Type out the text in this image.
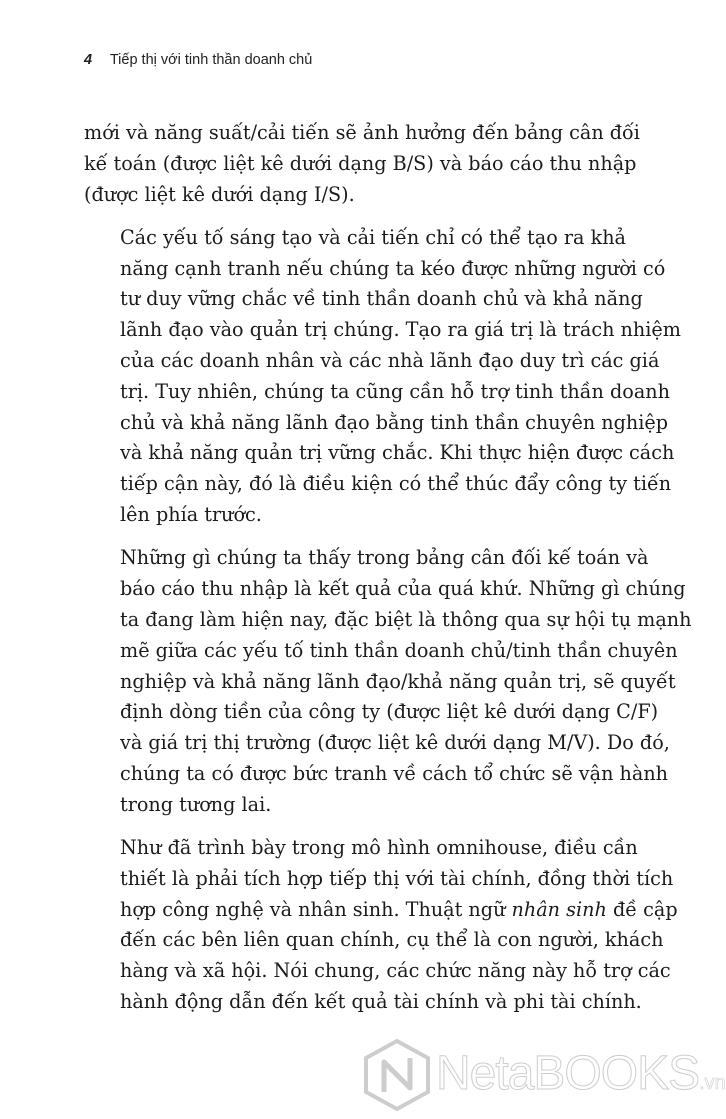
4 Tiếp thị với tinh thần doanh chủ

mới và năng suất/cải tiến sẽ ảnh hưởng đến bảng cân đối
kế toán (được liệt kê dưới dạng B/S) và báo cáo thu nhập
(được liệt kê dưới dạng I/S).

Các yếu tố sáng tạo và cải tiến chỉ có thể tạo ra khả
năng cạnh tranh nếu chúng ta kéo được những người có
tư duy vững chắc về tinh thần doanh chủ và khả năng
lãnh đạo vào quản trị chúng. Tạo ra giá trị là trách nhiệm
của các doanh nhân và các nhà lãnh đạo duy trì các giá
trị. Tuy nhiên, chúng ta cũng cần hỗ trợ tinh thần doanh
chủ và khả năng lãnh đạo bằng tinh thần chuyên nghiệp
và khả năng quản trị vững chắc. Khi thực hiện được cách
tiếp cận này, đó là điều kiện có thể thúc đẩy công ty tiến
lên phía trước.

Những gì chúng ta thấy trong bảng cân đối kế toán và
báo cáo thu nhập là kết quả của quá khứ. Những gì chúng
ta đang làm hiện nay, đặc biệt là thông qua sự hội tụ mạnh
mẽ giữa các yếu tố tinh thần doanh chủ/tinh thần chuyên
nghiệp và khả năng lãnh đạo/khả năng quản trị, sẽ quyết
định dòng tiền của công ty (được liệt kê dưới dạng C/F)
và giá trị thị trường (được liệt kê dưới dạng M/V). Do đó,
chúng ta có được bức tranh về cách tổ chức sẽ vận hành
trong tương lai.

Như đã trình bày trong mô hình omnihouse, điều cần
thiết là phải tích hợp tiếp thị với tài chính, đồng thời tích
hợp công nghệ và nhân sinh. Thuật ngữ nhân sinh đề cập
đến các bên liên quan chính, cụ thể là con người, khách
hàng và xã hội. Nói chung, các chức năng này hỗ trợ các
hành động dẫn đến kết quả tài chính và phi tài chính.

NetaBOOKS.vn
